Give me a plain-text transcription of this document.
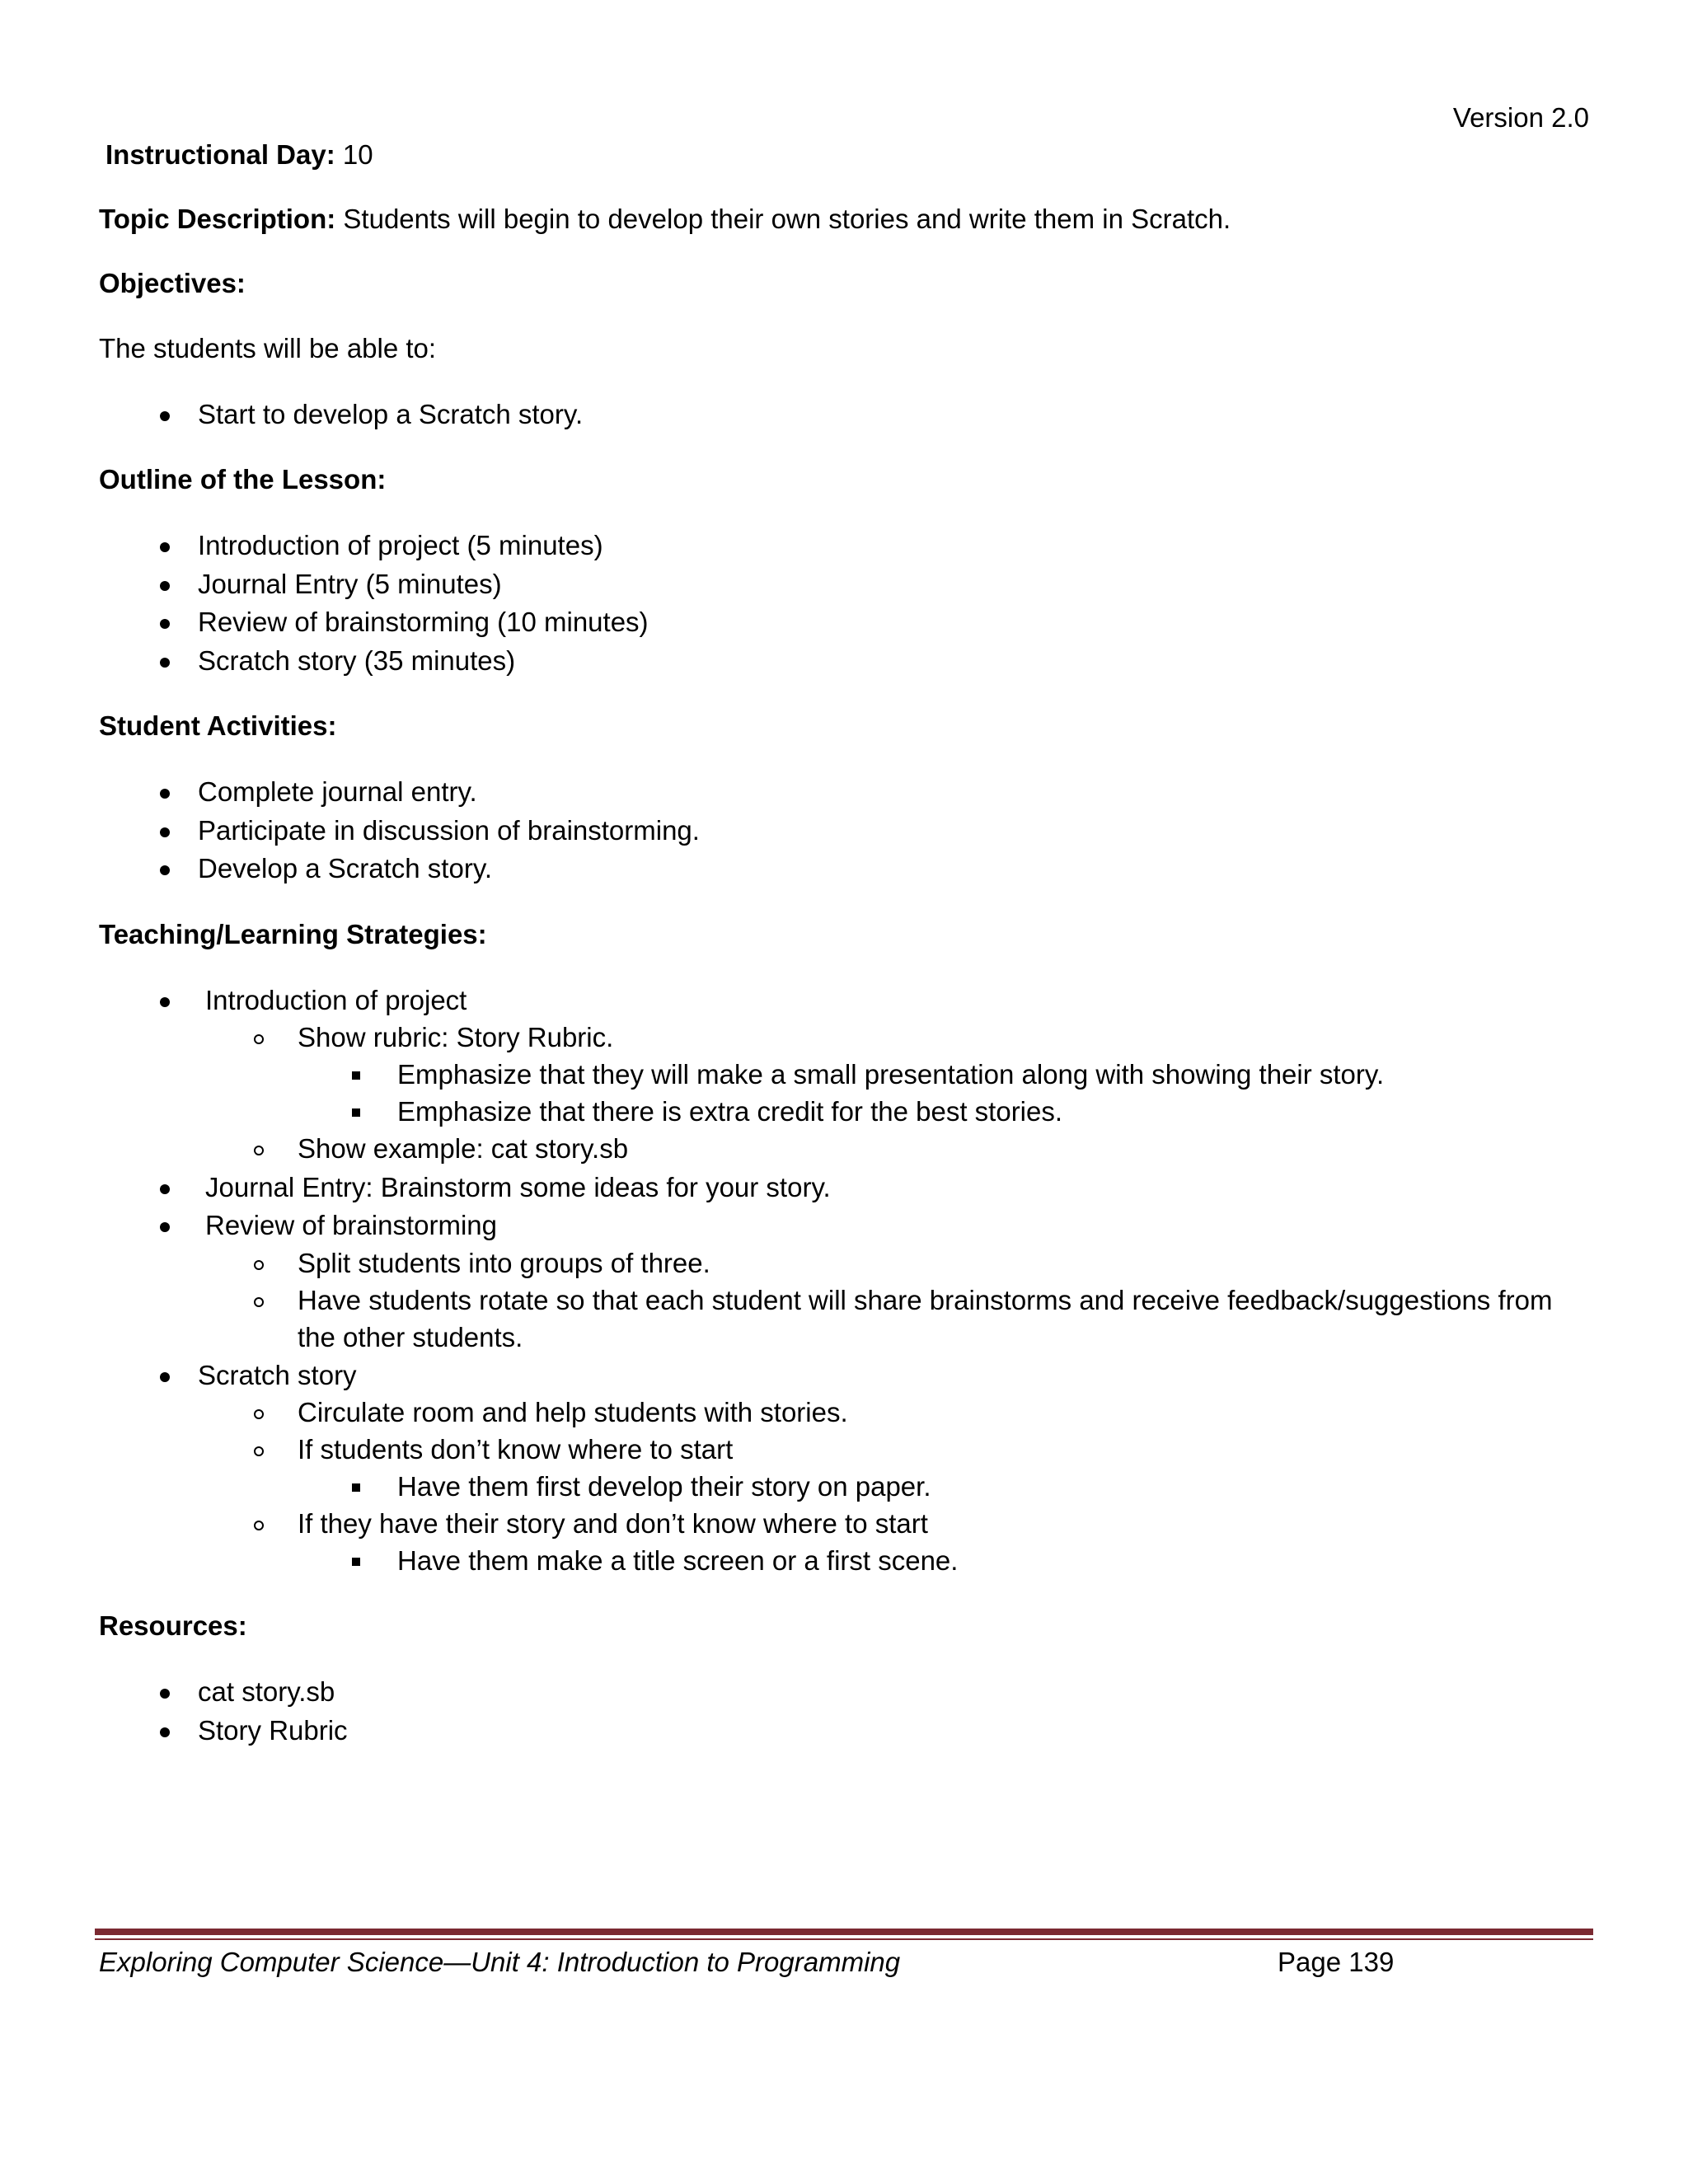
Version 2.0
Instructional Day: 10
Topic Description: Students will begin to develop their own stories and write them in Scratch.
Objectives:
The students will be able to:
Start to develop a Scratch story.
Outline of the Lesson:
Introduction of project (5 minutes)
Journal Entry (5 minutes)
Review of brainstorming (10 minutes)
Scratch story (35 minutes)
Student Activities:
Complete journal entry.
Participate in discussion of brainstorming.
Develop a Scratch story.
Teaching/Learning Strategies:
Introduction of project
Show rubric: Story Rubric.
Emphasize that they will make a small presentation along with showing their story.
Emphasize that there is extra credit for the best stories.
Show example: cat story.sb
Journal Entry: Brainstorm some ideas for your story.
Review of brainstorming
Split students into groups of three.
Have students rotate so that each student will share brainstorms and receive feedback/suggestions from
the other students.
Scratch story
Circulate room and help students with stories.
If students don’t know where to start
Have them first develop their story on paper.
If they have their story and don’t know where to start
Have them make a title screen or a first scene.
Resources:
cat story.sb
Story Rubric
Exploring Computer Science—Unit 4: Introduction to Programming	Page 139
